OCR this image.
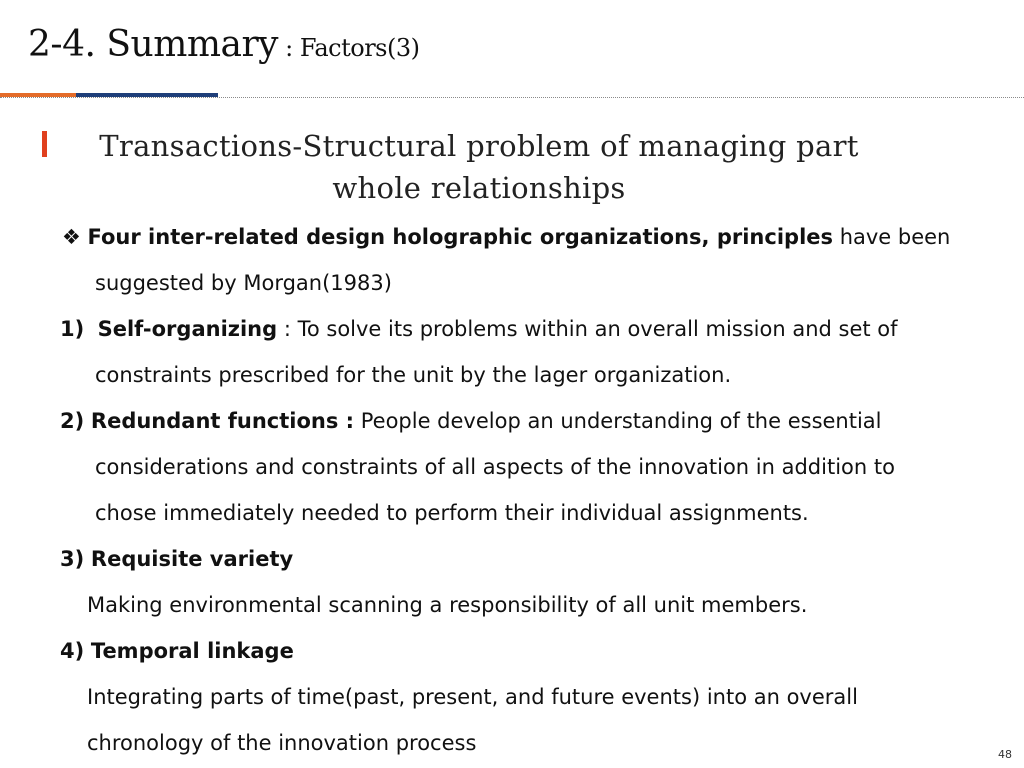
2-4. Summary : Factors(3)
Transactions-Structural problem of managing part
whole relationships
❖ Four inter-related design holographic organizations, principles have been
suggested by Morgan(1983)
1) Self-organizing : To solve its problems within an overall mission and set of
constraints prescribed for the unit by the lager organization.
2) Redundant functions : People develop an understanding of the essential
considerations and constraints of all aspects of the innovation in addition to
chose immediately needed to perform their individual assignments.
3) Requisite variety
Making environmental scanning a responsibility of all unit members.
4) Temporal linkage
Integrating parts of time(past, present, and future events) into an overall
chronology of the innovation process	48
